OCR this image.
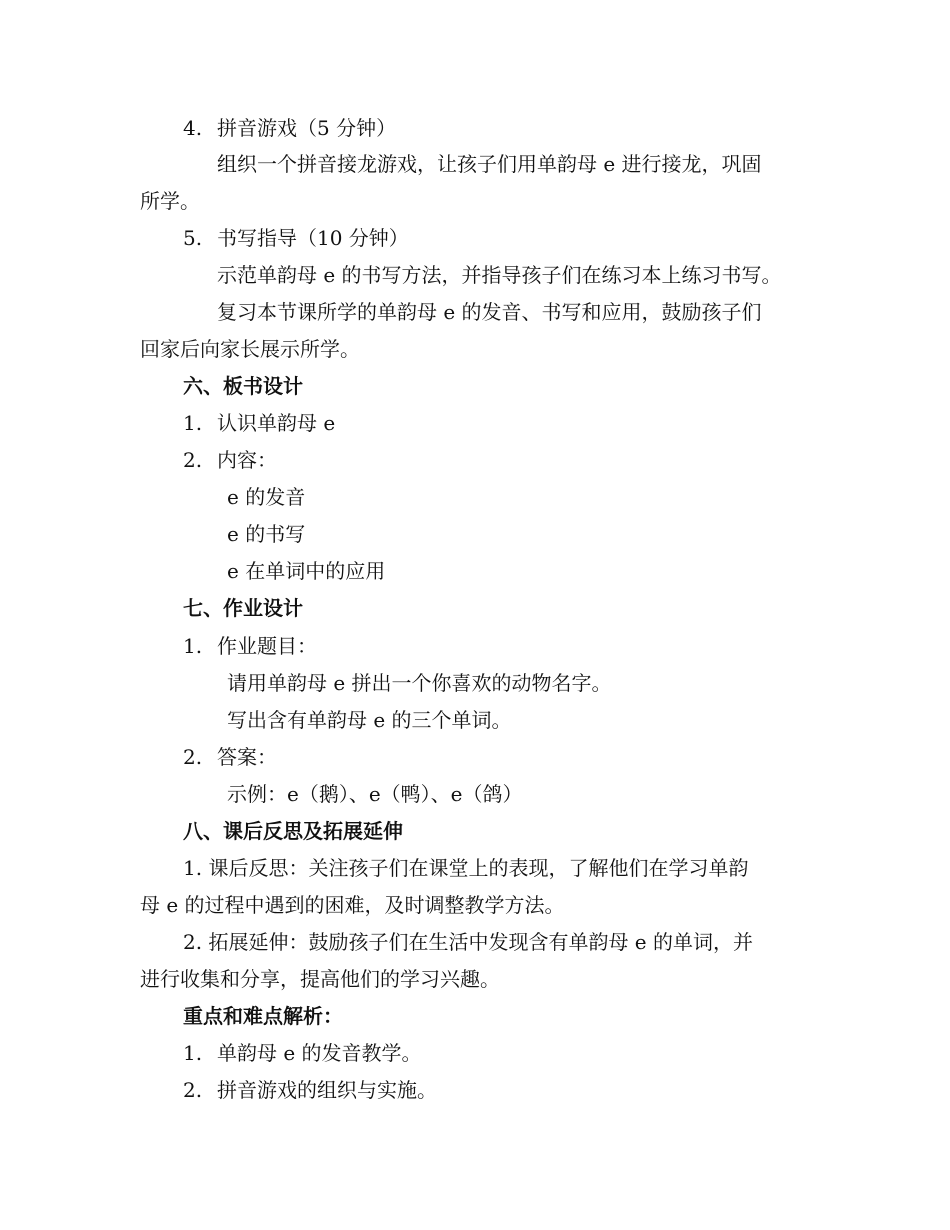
4. 拼音游戏（5 分钟）
组织一个拼音接龙游戏，让孩子们用单韵母 e 进行接龙，巩固
所学。
5. 书写指导（10 分钟）
示范单韵母 e 的书写方法，并指导孩子们在练习本上练习书写。
复习本节课所学的单韵母 e 的发音、书写和应用，鼓励孩子们
回家后向家长展示所学。
六、板书设计
1. 认识单韵母 e
2. 内容：
e 的发音
e 的书写
e 在单词中的应用
七、作业设计
1. 作业题目：
请用单韵母 e 拼出一个你喜欢的动物名字。
写出含有单韵母 e 的三个单词。
2. 答案：
示例：e（鹅）、e（鸭）、e（鸽）
八、课后反思及拓展延伸
1. 课后反思：关注孩子们在课堂上的表现，了解他们在学习单韵
母 e 的过程中遇到的困难，及时调整教学方法。
2. 拓展延伸：鼓励孩子们在生活中发现含有单韵母 e 的单词，并
进行收集和分享，提高他们的学习兴趣。
重点和难点解析：
1. 单韵母 e 的发音教学。
2. 拼音游戏的组织与实施。
